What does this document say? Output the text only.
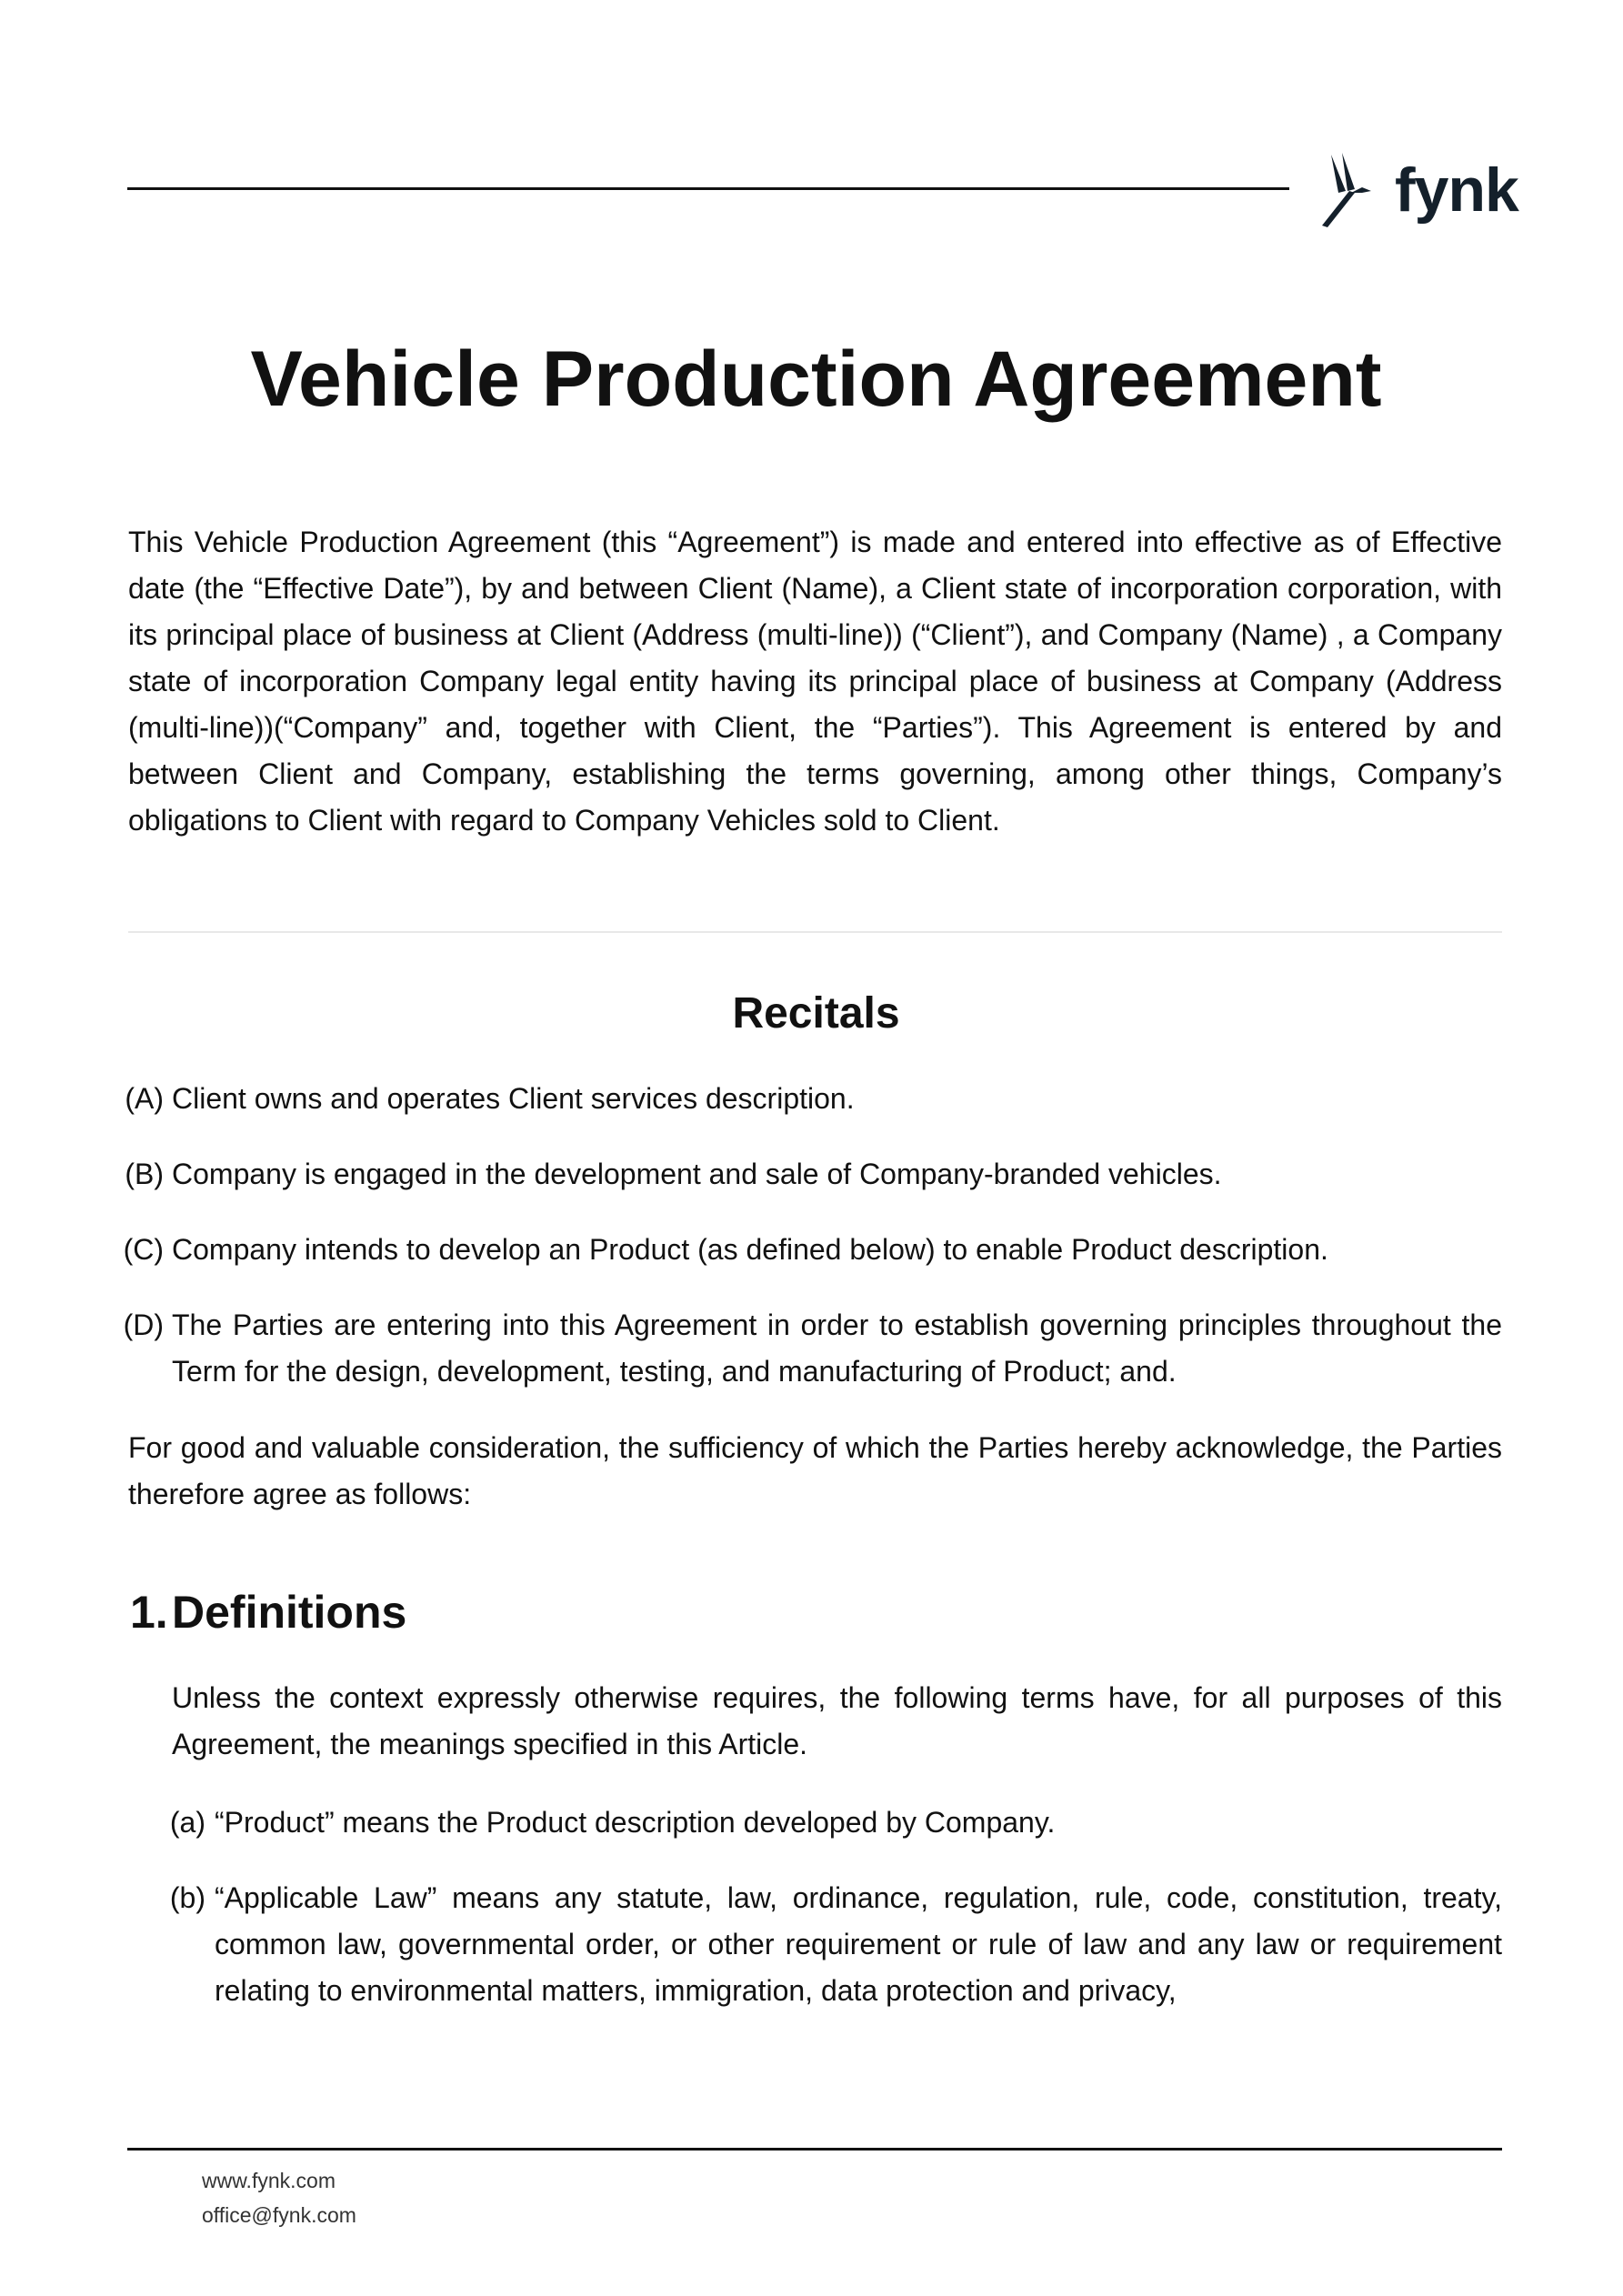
fynk
Vehicle Production Agreement

This Vehicle Production Agreement (this “Agreement”) is made and entered into effective as of Effective date (the “Effective Date”), by and between Client (Name), a Client state of incorporation corporation, with its principal place of business at Client (Address (multi-line)) (“Client”), and Company (Name) , a Company state of incorporation Company legal entity having its principal place of business at Company (Address (multi-line))(“Company” and, together with Client, the “Parties”). This Agreement is entered by and between Client and Company, establishing the terms governing, among other things, Company’s obligations to Client with regard to Company Vehicles sold to Client.

Recitals
(A) Client owns and operates Client services description.
(B) Company is engaged in the development and sale of Company-branded vehicles.
(C) Company intends to develop an Product (as defined below) to enable Product description.
(D) The Parties are entering into this Agreement in order to establish governing principles throughout the Term for the design, development, testing, and manufacturing of Product; and.

For good and valuable consideration, the sufficiency of which the Parties hereby acknowledge, the Parties therefore agree as follows:

1.Definitions

Unless the context expressly otherwise requires, the following terms have, for all purposes of this Agreement, the meanings specified in this Article.

(a) “Product” means the Product description developed by Company.
(b) “Applicable Law” means any statute, law, ordinance, regulation, rule, code, constitution, treaty, common law, governmental order, or other requirement or rule of law and any law or requirement relating to environmental matters, immigration, data protection and privacy,
www.fynk.com
office@fynk.com
